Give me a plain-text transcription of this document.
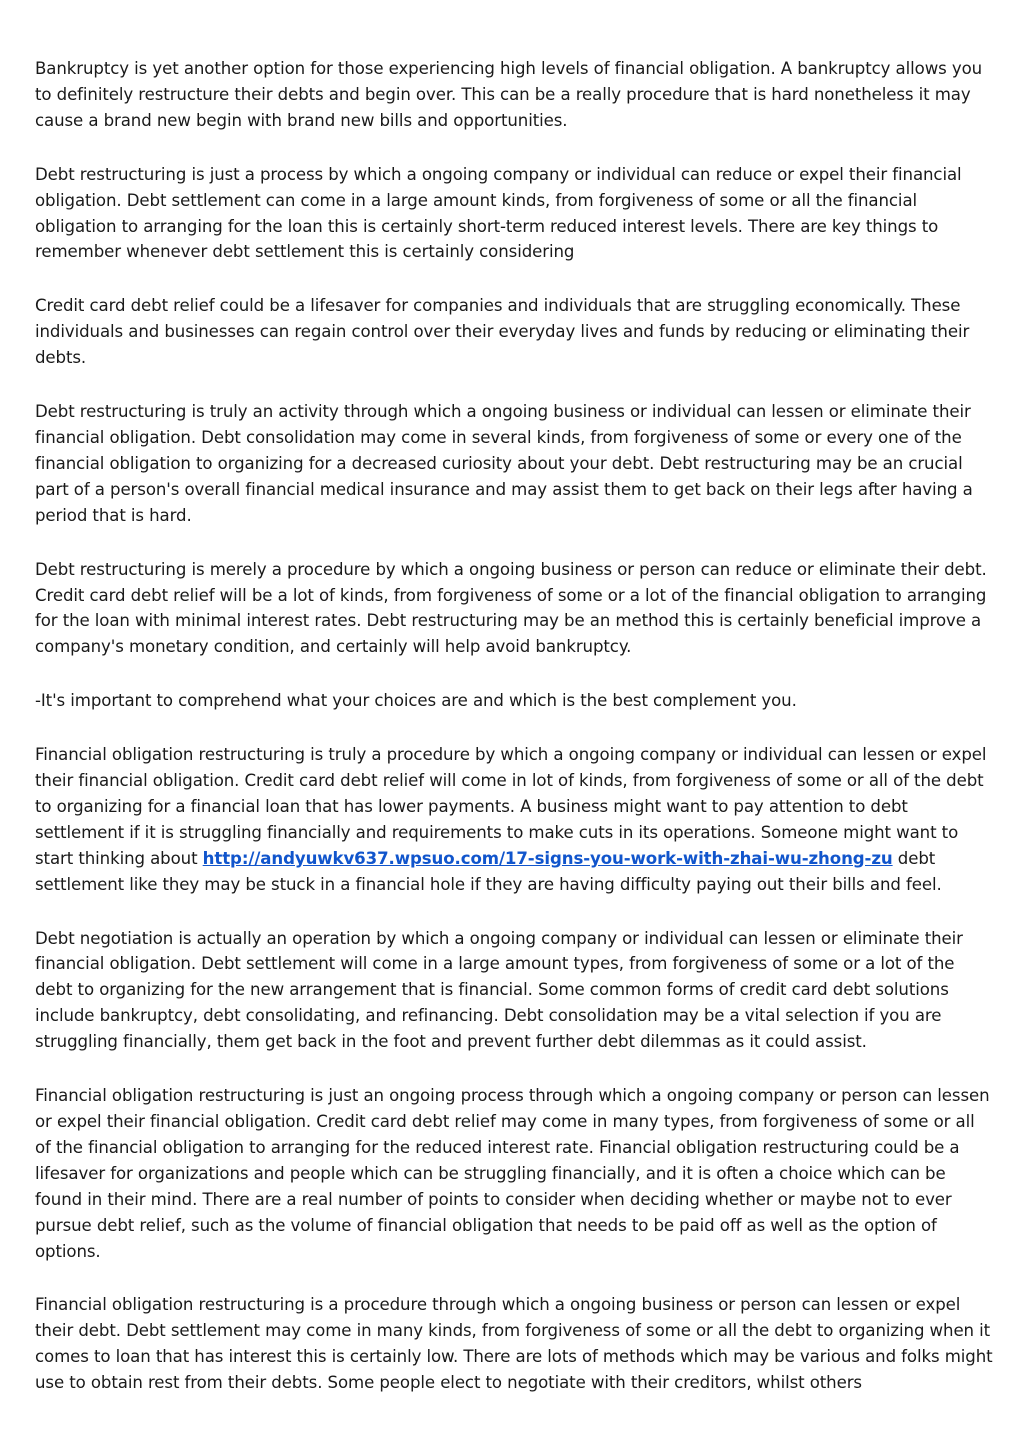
Bankruptcy is yet another option for those experiencing high levels of financial obligation. A bankruptcy allows you to definitely restructure their debts and begin over. This can be a really procedure that is hard nonetheless it may cause a brand new begin with brand new bills and opportunities.

Debt restructuring is just a process by which a ongoing company or individual can reduce or expel their financial obligation. Debt settlement can come in a large amount kinds, from forgiveness of some or all the financial obligation to arranging for the loan this is certainly short-term reduced interest levels. There are key things to remember whenever debt settlement this is certainly considering

Credit card debt relief could be a lifesaver for companies and individuals that are struggling economically. These individuals and businesses can regain control over their everyday lives and funds by reducing or eliminating their debts.

Debt restructuring is truly an activity through which a ongoing business or individual can lessen or eliminate their financial obligation. Debt consolidation may come in several kinds, from forgiveness of some or every one of the financial obligation to organizing for a decreased curiosity about your debt. Debt restructuring may be an crucial part of a person's overall financial medical insurance and may assist them to get back on their legs after having a period that is hard.

Debt restructuring is merely a procedure by which a ongoing business or person can reduce or eliminate their debt. Credit card debt relief will be a lot of kinds, from forgiveness of some or a lot of the financial obligation to arranging for the loan with minimal interest rates. Debt restructuring may be an method this is certainly beneficial improve a company's monetary condition, and certainly will help avoid bankruptcy.

-It's important to comprehend what your choices are and which is the best complement you.

Financial obligation restructuring is truly a procedure by which a ongoing company or individual can lessen or expel their financial obligation. Credit card debt relief will come in lot of kinds, from forgiveness of some or all of the debt to organizing for a financial loan that has lower payments. A business might want to pay attention to debt settlement if it is struggling financially and requirements to make cuts in its operations. Someone might want to start thinking about http://andyuwkv637.wpsuo.com/17-signs-you-work-with-zhai-wu-zhong-zu debt settlement like they may be stuck in a financial hole if they are having difficulty paying out their bills and feel.

Debt negotiation is actually an operation by which a ongoing company or individual can lessen or eliminate their financial obligation. Debt settlement will come in a large amount types, from forgiveness of some or a lot of the debt to organizing for the new arrangement that is financial. Some common forms of credit card debt solutions include bankruptcy, debt consolidating, and refinancing. Debt consolidation may be a vital selection if you are struggling financially, them get back in the foot and prevent further debt dilemmas as it could assist.

Financial obligation restructuring is just an ongoing process through which a ongoing company or person can lessen or expel their financial obligation. Credit card debt relief may come in many types, from forgiveness of some or all of the financial obligation to arranging for the reduced interest rate. Financial obligation restructuring could be a lifesaver for organizations and people which can be struggling financially, and it is often a choice which can be found in their mind. There are a real number of points to consider when deciding whether or maybe not to ever pursue debt relief, such as the volume of financial obligation that needs to be paid off as well as the option of options.

Financial obligation restructuring is a procedure through which a ongoing business or person can lessen or expel their debt. Debt settlement may come in many kinds, from forgiveness of some or all the debt to organizing when it comes to loan that has interest this is certainly low. There are lots of methods which may be various and folks might use to obtain rest from their debts. Some people elect to negotiate with their creditors, whilst others
